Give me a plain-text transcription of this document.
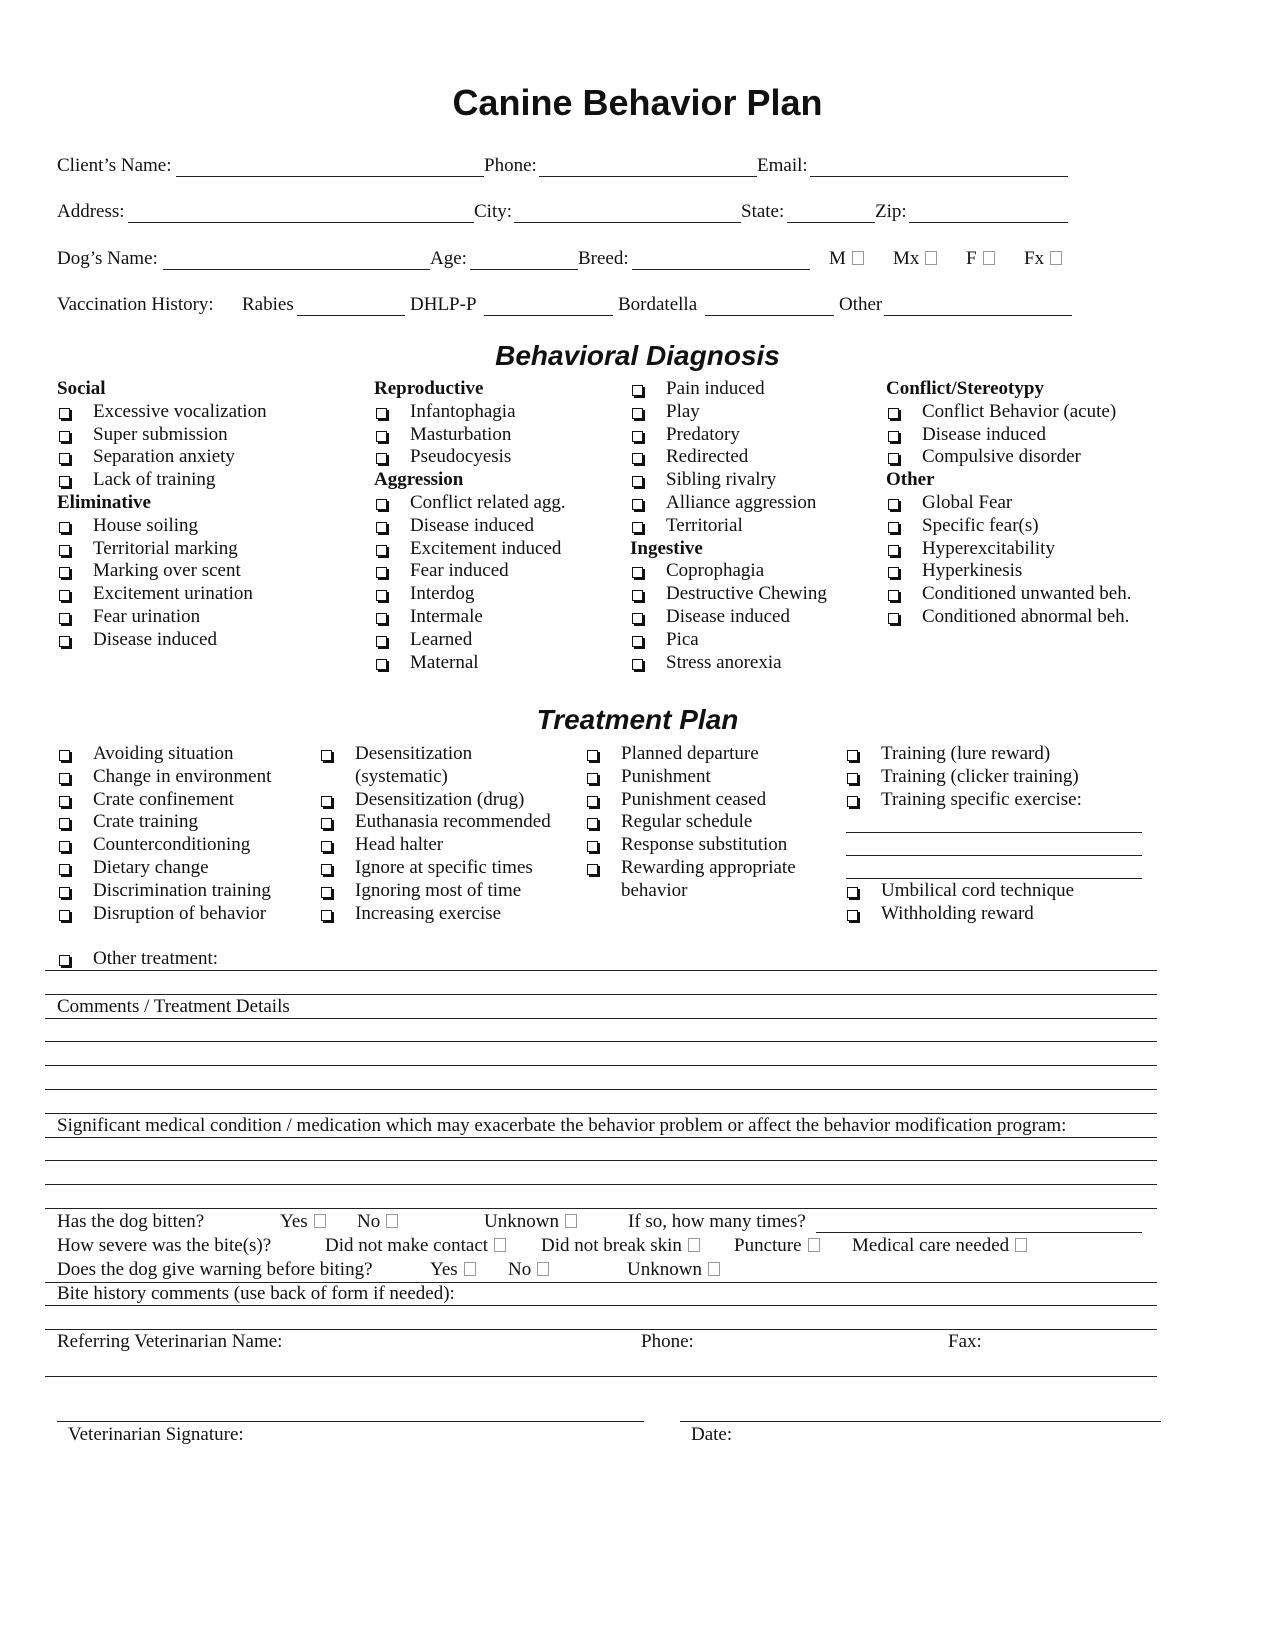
Canine Behavior Plan
Client’s Name:	Phone:	Email:
Address:	City:	State:	Zip:
Dog’s Name:	Age:	Breed:	M	Mx	F	Fx
Vaccination History: Rabies	DHLP-P	Bordatella	Other
Behavioral Diagnosis
Social
Excessive vocalization
Super submission
Separation anxiety
Lack of training
Eliminative
House soiling
Territorial marking
Marking over scent
Excitement urination
Fear urination
Disease induced
Reproductive
Infantophagia
Masturbation
Pseudocyesis
Aggression
Conflict related agg.
Disease induced
Excitement induced
Fear induced
Interdog
Intermale
Learned
Maternal
Pain induced
Play
Predatory
Redirected
Sibling rivalry
Alliance aggression
Territorial
Ingestive
Coprophagia
Destructive Chewing
Disease induced
Pica
Stress anorexia
Conflict/Stereotypy
Conflict Behavior (acute)
Disease induced
Compulsive disorder
Other
Global Fear
Specific fear(s)
Hyperexcitability
Hyperkinesis
Conditioned unwanted beh.
Conditioned abnormal beh.
Treatment Plan
Avoiding situation
Change in environment
Crate confinement
Crate training
Counterconditioning
Dietary change
Discrimination training
Disruption of behavior
Desensitization
(systematic)
Desensitization (drug)
Euthanasia recommended
Head halter
Ignore at specific times
Ignoring most of time
Increasing exercise
Planned departure
Punishment
Punishment ceased
Regular schedule
Response substitution
Rewarding appropriate
behavior
Training (lure reward)
Training (clicker training)
Training specific exercise:
Umbilical cord technique
Withholding reward
Other treatment:
Comments / Treatment Details
Significant medical condition / medication which may exacerbate the behavior problem or affect the behavior modification program:
Has the dog bitten?	Yes	No	Unknown	If so, how many times?
How severe was the bite(s)?	Did not make contact	Did not break skin	Puncture	Medical care needed
Does the dog give warning before biting?	Yes	No	Unknown
Bite history comments (use back of form if needed):
Referring Veterinarian Name:	Phone:	Fax:
Veterinarian Signature:	Date:
